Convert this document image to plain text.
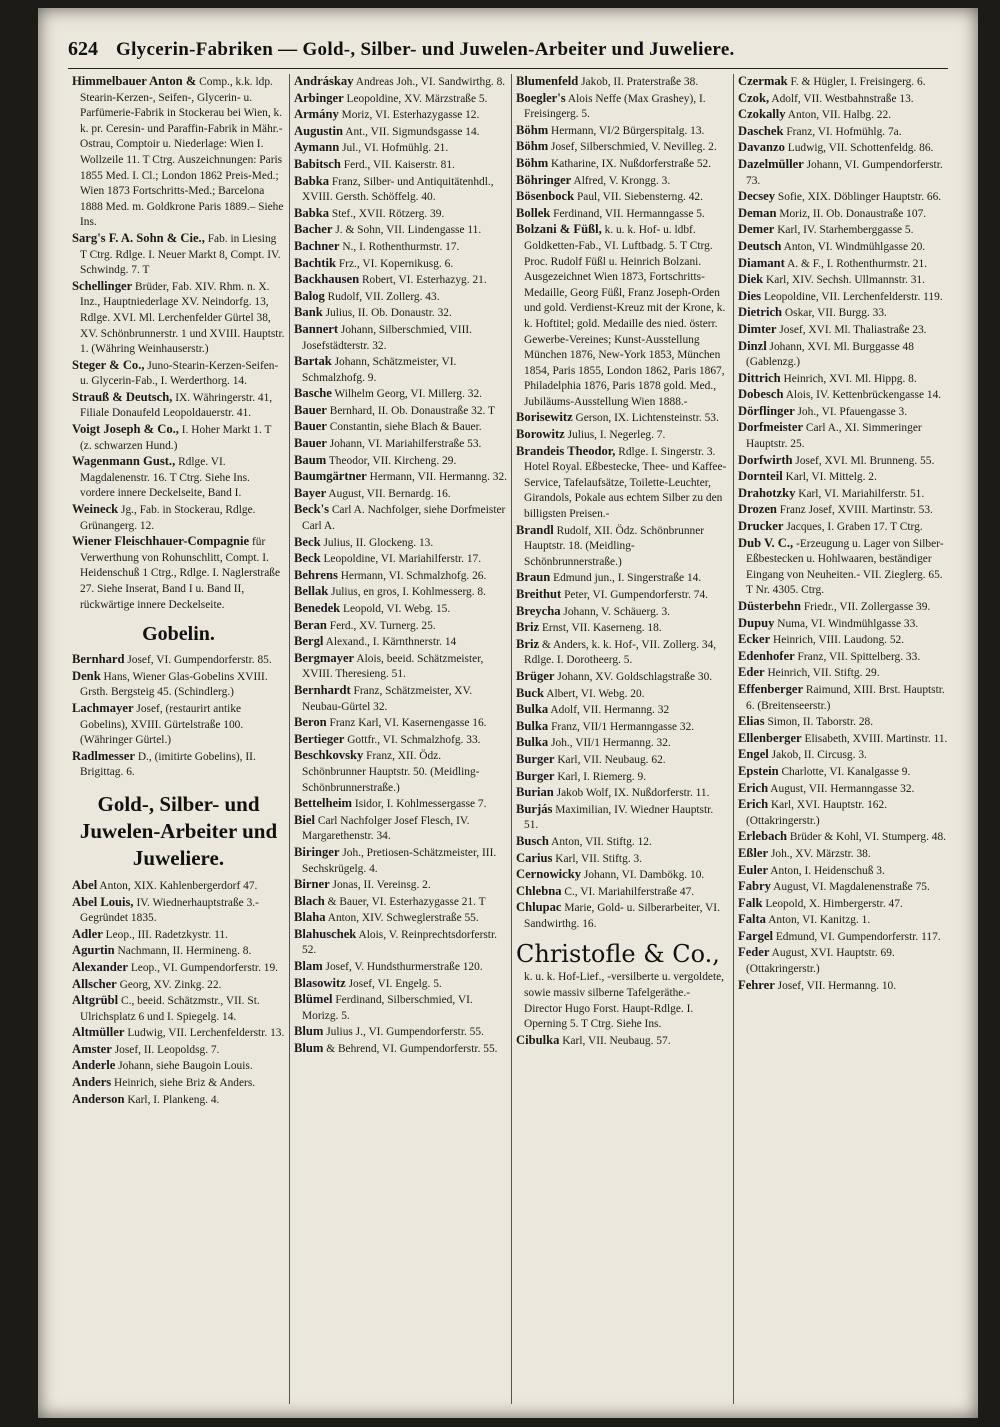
624 Glycerin-Fabriken — Gold-, Silber- und Juwelen-Arbeiter und Juweliere.

Himmelbauer Anton & Comp., k.k. ldp. Stearin-Kerzen-, Seifen-, Glycerin- u. Parfümerie-Fabrik in Stockerau bei Wien, k. k. pr. Ceresin- und Paraffin-Fabrik in Mähr.-Ostrau, Comptoir u. Niederlage: Wien I. Wollzeile 11. T Ctrg. Auszeichnungen: Paris 1855 Med. I. Cl.; London 1862 Preis-Med.; Wien 1873 Fortschritts-Med.; Barcelona 1888 Med. m. Goldkrone Paris 1889.– Siehe Ins.

Sarg's F. A. Sohn & Cie., Fab. in Liesing T Ctrg. Rdlge. I. Neuer Markt 8, Compt. IV. Schwindg. 7. T

Schellinger Brüder, Fab. XIV. Rhm. n. X. Inz., Hauptniederlage XV. Neindorfg. 13, Rdlge. XVI. Ml. Lerchenfelder Gürtel 38, XV. Schönbrunnerstr. 1 und XVIII. Hauptstr. 1. (Währing Weinhauserstr.)

Steger & Co., Juno-Stearin-Kerzen-Seifen- u. Glycerin-Fab., I. Werderthorg. 14.

Strauß & Deutsch, IX. Währingerstr. 41, Filiale Donaufeld Leopoldauerstr. 41.

Voigt Joseph & Co., I. Hoher Markt 1. T (z. schwarzen Hund.)

Wagenmann Gust., Rdlge. VI. Magdalenenstr. 16. T Ctrg. Siehe Ins. vordere innere Deckelseite, Band I.

Weineck Jg., Fab. in Stockerau, Rdlge. Grünangerg. 12.

Wiener Fleischhauer-Compagnie für Verwerthung von Rohunschlitt, Compt. I. Heidenschuß 1 Ctrg., Rdlge. I. Naglerstraße 27. Siehe Inserat, Band I u. Band II, rückwärtige innere Deckelseite.

Gobelin.

Bernhard Josef, VI. Gumpendorferstr. 85.

Denk Hans, Wiener Glas-Gobelins XVIII. Grsth. Bergsteig 45. (Schindlerg.)

Lachmayer Josef, (restaurirt antike Gobelins), XVIII. Gürtelstraße 100. (Währinger Gürtel.)

Radlmesser D., (imitirte Gobelins), II. Brigittag. 6.

Gold-, Silber- und Juwelen-Arbeiter und Juweliere.

Abel Anton, XIX. Kahlenbergerdorf 47.

Abel Louis, IV. Wiednerhauptstraße 3.- Gegründet 1835.

Adler Leop., III. Radetzkystr. 11.

Agurtin Nachmann, II. Hermineng. 8.

Alexander Leop., VI. Gumpendorferstr. 19.

Allscher Georg, XV. Zinkg. 22.

Altgrübl C., beeid. Schätzmstr., VII. St. Ulrichsplatz 6 und I. Spiegelg. 14.

Altmüller Ludwig, VII. Lerchenfelderstr. 13.

Amster Josef, II. Leopoldsg. 7.

Anderle Johann, siehe Baugoin Louis.

Anders Heinrich, siehe Briz & Anders.

Anderson Karl, I. Plankeng. 4.

Andráskay Andreas Joh., VI. Sandwirthg. 8.

Arbinger Leopoldine, XV. Märzstraße 5.

Armány Moriz, VI. Esterhazygasse 12.

Augustin Ant., VII. Sigmundsgasse 14.

Aymann Jul., VI. Hofmühlg. 21.

Babitsch Ferd., VII. Kaiserstr. 81.

Babka Franz, Silber- und Antiquitätenhdl., XVIII. Gersth. Schöffelg. 40.

Babka Stef., XVII. Rötzerg. 39.

Bacher J. & Sohn, VII. Lindengasse 11.

Bachner N., I. Rothenthurmstr. 17.

Bachtik Frz., VI. Kopernikusg. 6.

Backhausen Robert, VI. Esterhazyg. 21.

Balog Rudolf, VII. Zollerg. 43.

Bank Julius, II. Ob. Donaustr. 32.

Bannert Johann, Silberschmied, VIII. Josefstädterstr. 32.

Bartak Johann, Schätzmeister, VI. Schmalzhofg. 9.

Basche Wilhelm Georg, VI. Millerg. 32.

Bauer Bernhard, II. Ob. Donaustraße 32. T

Bauer Constantin, siehe Blach & Bauer.

Bauer Johann, VI. Mariahilferstraße 53.

Baum Theodor, VII. Kircheng. 29.

Baumgärtner Hermann, VII. Hermanng. 32.

Bayer August, VII. Bernardg. 16.

Beck's Carl A. Nachfolger, siehe Dorfmeister Carl A.

Beck Julius, II. Glockeng. 13.

Beck Leopoldine, VI. Mariahilferstr. 17.

Behrens Hermann, VI. Schmalzhofg. 26.

Bellak Julius, en gros, I. Kohlmesserg. 8.

Benedek Leopold, VI. Webg. 15.

Beran Ferd., XV. Turnerg. 25.

Bergl Alexand., I. Kärnthnerstr. 14

Bergmayer Alois, beeid. Schätzmeister, XVIII. Theresieng. 51.

Bernhardt Franz, Schätzmeister, XV. Neubau-Gürtel 32.

Beron Franz Karl, VI. Kasernengasse 16.

Bertieger Gottfr., VI. Schmalzhofg. 33.

Beschkovsky Franz, XII. Ödz. Schönbrunner Hauptstr. 50. (Meidling-Schönbrunnerstraße.)

Bettelheim Isidor, I. Kohlmessergasse 7.

Biel Carl Nachfolger Josef Flesch, IV. Margarethenstr. 34.

Biringer Joh., Pretiosen-Schätzmeister, III. Sechskrügelg. 4.

Birner Jonas, II. Vereinsg. 2.

Blach & Bauer, VI. Esterhazygasse 21. T

Blaha Anton, XIV. Schweglerstraße 55.

Blahuschek Alois, V. Reinprechtsdorferstr. 52.

Blam Josef, V. Hundsthurmerstraße 120.

Blasowitz Josef, VI. Engelg. 5.

Blümel Ferdinand, Silberschmied, VI. Morizg. 5.

Blum Julius J., VI. Gumpendorferstr. 55.

Blum & Behrend, VI. Gumpendorferstr. 55.

Blumenfeld Jakob, II. Praterstraße 38.

Boegler's Alois Neffe (Max Grashey), I. Freisingerg. 5.

Böhm Hermann, VI/2 Bürgerspitalg. 13.

Böhm Josef, Silberschmied, V. Nevilleg. 2.

Böhm Katharine, IX. Nußdorferstraße 52.

Böhringer Alfred, V. Krongg. 3.

Bösenbock Paul, VII. Siebensterng. 42.

Bollek Ferdinand, VII. Hermanngasse 5.

Bolzani & Füßl, k. u. k. Hof- u. ldbf. Goldketten-Fab., VI. Luftbadg. 5. T Ctrg. Proc. Rudolf Füßl u. Heinrich Bolzani. Ausgezeichnet Wien 1873, Fortschritts-Medaille, Georg Füßl, Franz Joseph-Orden und gold. Verdienst-Kreuz mit der Krone, k. k. Hoftitel; gold. Medaille des nied. österr. Gewerbe-Vereines; Kunst-Ausstellung München 1876, New-York 1853, München 1854, Paris 1855, London 1862, Paris 1867, Philadelphia 1876, Paris 1878 gold. Med., Jubiläums-Ausstellung Wien 1888.-

Borisewitz Gerson, IX. Lichtensteinstr. 53.

Borowitz Julius, I. Negerleg. 7.

Brandeis Theodor, Rdlge. I. Singerstr. 3. Hotel Royal. Eßbestecke, Thee- und Kaffee-Service, Tafelaufsätze, Toilette-Leuchter, Girandols, Pokale aus echtem Silber zu den billigsten Preisen.-

Brandl Rudolf, XII. Ödz. Schönbrunner Hauptstr. 18. (Meidling-Schönbrunnerstraße.)

Braun Edmund jun., I. Singerstraße 14.

Breithut Peter, VI. Gumpendorferstr. 74.

Breycha Johann, V. Schäuerg. 3.

Briz Ernst, VII. Kaserneng. 18.

Briz & Anders, k. k. Hof-, VII. Zollerg. 34, Rdlge. I. Dorotheerg. 5.

Brüger Johann, XV. Goldschlagstraße 30.

Buck Albert, VI. Webg. 20.

Bulka Adolf, VII. Hermanng. 32

Bulka Franz, VII/1 Hermanngasse 32.

Bulka Joh., VII/1 Hermanng. 32.

Burger Karl, VII. Neubaug. 62.

Burger Karl, I. Riemerg. 9.

Burian Jakob Wolf, IX. Nußdorferstr. 11.

Burjás Maximilian, IV. Wiedner Hauptstr. 51.

Busch Anton, VII. Stiftg. 12.

Carius Karl, VII. Stiftg. 3.

Cernowicky Johann, VI. Dambökg. 10.

Chlebna C., VI. Mariahilferstraße 47.

Chlupac Marie, Gold- u. Silberarbeiter, VI. Sandwirthg. 16.

Christofle & Co.,

k. u. k. Hof-Lief., -versilberte u. vergoldete, sowie massiv silberne Tafelgeräthe.- Director Hugo Forst. Haupt-Rdlge. I. Operning 5. T Ctrg. Siehe Ins.

Cibulka Karl, VII. Neubaug. 57.

Czermak F. & Hügler, I. Freisingerg. 6.

Czok, Adolf, VII. Westbahnstraße 13.

Czokally Anton, VII. Halbg. 22.

Daschek Franz, VI. Hofmühlg. 7a.

Davanzo Ludwig, VII. Schottenfeldg. 86.

Dazelmüller Johann, VI. Gumpendorferstr. 73.

Decsey Sofie, XIX. Döblinger Hauptstr. 66.

Deman Moriz, II. Ob. Donaustraße 107.

Demer Karl, IV. Starhemberggasse 5.

Deutsch Anton, VI. Windmühlgasse 20.

Diamant A. & F., I. Rothenthurmstr. 21.

Diek Karl, XIV. Sechsh. Ullmannstr. 31.

Dies Leopoldine, VII. Lerchenfelderstr. 119.

Dietrich Oskar, VII. Burgg. 33.

Dimter Josef, XVI. Ml. Thaliastraße 23.

Dinzl Johann, XVI. Ml. Burggasse 48 (Gablenzg.)

Dittrich Heinrich, XVI. Ml. Hippg. 8.

Dobesch Alois, IV. Kettenbrückengasse 14.

Dörflinger Joh., VI. Pfauengasse 3.

Dorfmeister Carl A., XI. Simmeringer Hauptstr. 25.

Dorfwirth Josef, XVI. Ml. Brunneng. 55.

Dornteil Karl, VI. Mittelg. 2.

Drahotzky Karl, VI. Mariahilferstr. 51.

Drozen Franz Josef, XVIII. Martinstr. 53.

Drucker Jacques, I. Graben 17. T Ctrg.

Dub V. C., -Erzeugung u. Lager von Silber-Eßbestecken u. Hohlwaaren, beständiger Eingang von Neuheiten.- VII. Zieglerg. 65. T Nr. 4305. Ctrg.

Düsterbehn Friedr., VII. Zollergasse 39.

Dupuy Numa, VI. Windmühlgasse 33.

Ecker Heinrich, VIII. Laudong. 52.

Edenhofer Franz, VII. Spittelberg. 33.

Eder Heinrich, VII. Stiftg. 29.

Effenberger Raimund, XIII. Brst. Hauptstr. 6. (Breitenseerstr.)

Elias Simon, II. Taborstr. 28.

Ellenberger Elisabeth, XVIII. Martinstr. 11.

Engel Jakob, II. Circusg. 3.

Epstein Charlotte, VI. Kanalgasse 9.

Erich August, VII. Hermanngasse 32.

Erich Karl, XVI. Hauptstr. 162. (Ottakringerstr.)

Erlebach Brüder & Kohl, VI. Stumperg. 48.

Eßler Joh., XV. Märzstr. 38.

Euler Anton, I. Heidenschuß 3.

Fabry August, VI. Magdalenenstraße 75.

Falk Leopold, X. Himbergerstr. 47.

Falta Anton, VI. Kanitzg. 1.

Fargel Edmund, VI. Gumpendorferstr. 117.

Feder August, XVI. Hauptstr. 69. (Ottakringerstr.)

Fehrer Josef, VII. Hermanng. 10.
